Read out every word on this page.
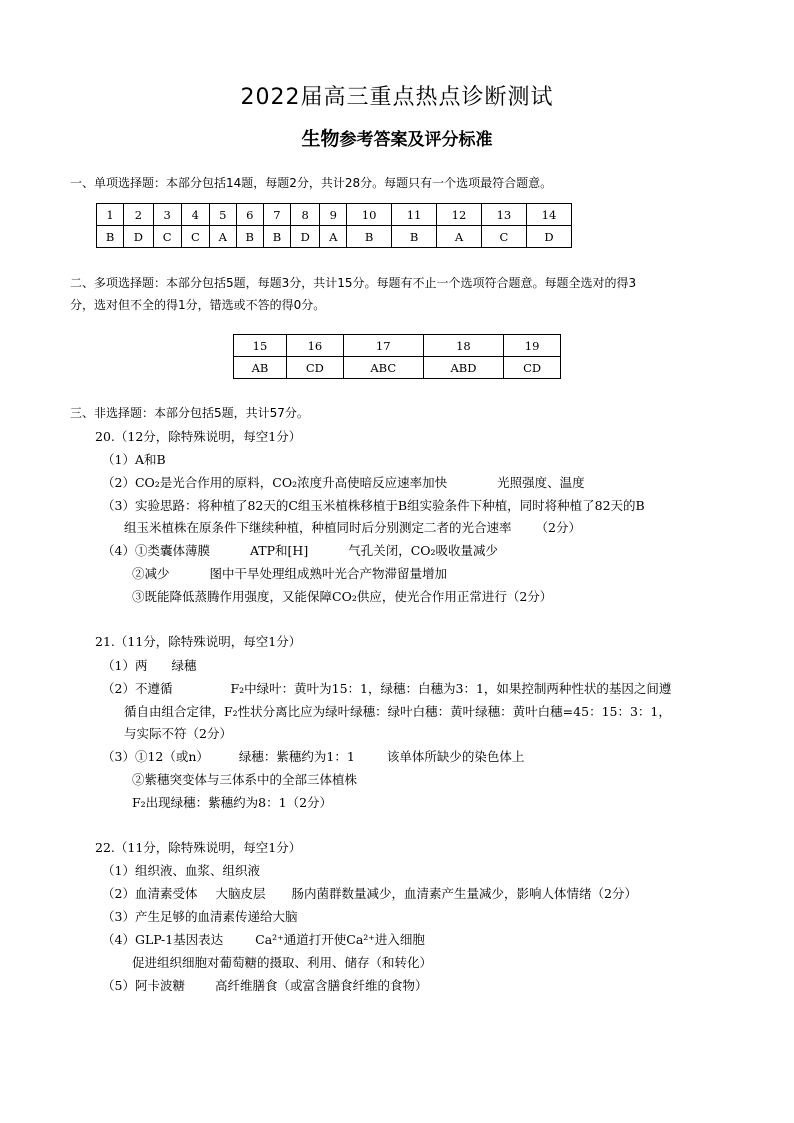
2022届高三重点热点诊断测试
生物参考答案及评分标准
一、单项选择题：本部分包括14题，每题2分，共计28分。每题只有一个选项最符合题意。
1	2	3	4	5	6	7	8	9	10	11	12	13	14
B	D	C	C	A	B	B	D	A	B	B	A	C	D
二、多项选择题：本部分包括5题，每题3分，共计15分。每题有不止一个选项符合题意。每题全选对的得3
分，选对但不全的得1分，错选或不答的得0分。
15	16	17	18	19
AB	CD	ABC	ABD	CD
三、非选择题：本部分包括5题，共计57分。
20.（12分，除特殊说明，每空1分）
（1）A和B
（2）CO₂是光合作用的原料，CO₂浓度升高使暗反应速率加快	光照强度、温度
（3）实验思路：将种植了82天的C组玉米植株移植于B组实验条件下种植，同时将种植了82天的B
组玉米植株在原条件下继续种植，种植同时后分别测定二者的光合速率 （2分）
（4）①类囊体薄膜	ATP和[H]	气孔关闭，CO₂吸收量减少
②减少	图中干旱处理组成熟叶光合产物滞留量增加
③既能降低蒸腾作用强度，又能保障CO₂供应，使光合作用正常进行（2分）
21.（11分，除特殊说明，每空1分）
（1）两 绿穗
（2）不遵循	F₂中绿叶：黄叶为15：1，绿穗：白穗为3：1，如果控制两种性状的基因之间遵
循自由组合定律，F₂性状分离比应为绿叶绿穗：绿叶白穗：黄叶绿穗：黄叶白穗=45：15：3：1，
与实际不符（2分）
（3）①12（或n） 绿穗：紫穗约为1：1	该单体所缺少的染色体上
②紫穗突变体与三体系中的全部三体植株
F₂出现绿穗：紫穗约为8：1（2分）
22.（11分，除特殊说明，每空1分）
（1）组织液、血浆、组织液
（2）血清素受体 大脑皮层 肠内菌群数量减少，血清素产生量减少，影响人体情绪（2分）
（3）产生足够的血清素传递给大脑
（4）GLP-1基因表达	Ca²⁺通道打开使Ca²⁺进入细胞
促进组织细胞对葡萄糖的摄取、利用、储存（和转化）
（5）阿卡波糖 高纤维膳食（或富含膳食纤维的食物）
